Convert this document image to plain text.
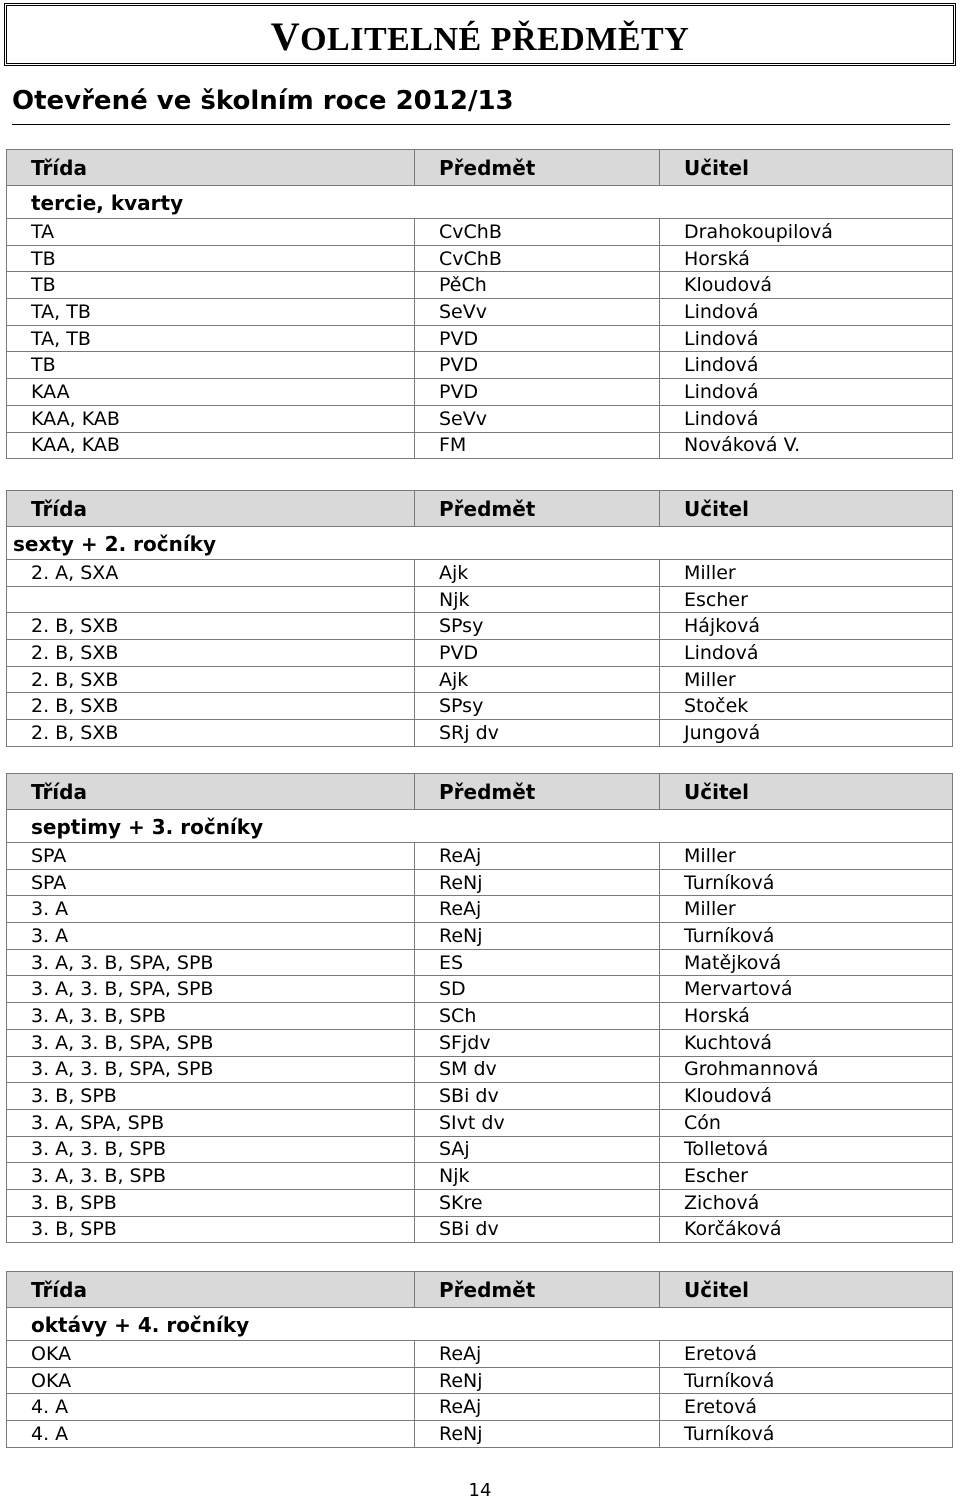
VOLITELNÉ PŘEDMĚTY
Otevřené ve školním roce 2012/13
Třída	Předmět	Učitel
tercie, kvarty		
TA	CvChB	Drahokoupilová
TB	CvChB	Horská
TB	PěCh	Kloudová
TA, TB	SeVv	Lindová
TA, TB	PVD	Lindová
TB	PVD	Lindová
KAA	PVD	Lindová
KAA, KAB	SeVv	Lindová
KAA, KAB	FM	Nováková V.
Třída	Předmět	Učitel
sexty + 2. ročníky		
2. A, SXA	Ajk	Miller
	Njk	Escher
2. B, SXB	SPsy	Hájková
2. B, SXB	PVD	Lindová
2. B, SXB	Ajk	Miller
2. B, SXB	SPsy	Stoček
2. B, SXB	SRj dv	Jungová
Třída	Předmět	Učitel
septimy + 3. ročníky		
SPA	ReAj	Miller
SPA	ReNj	Turníková
3. A	ReAj	Miller
3. A	ReNj	Turníková
3. A, 3. B, SPA, SPB	ES	Matějková
3. A, 3. B, SPA, SPB	SD	Mervartová
3. A, 3. B, SPB	SCh	Horská
3. A, 3. B, SPA, SPB	SFjdv	Kuchtová
3. A, 3. B, SPA, SPB	SM dv	Grohmannová
3. B, SPB	SBi dv	Kloudová
3. A, SPA, SPB	SIvt dv	Cón
3. A, 3. B, SPB	SAj	Tolletová
3. A, 3. B, SPB	Njk	Escher
3. B, SPB	SKre	Zichová
3. B, SPB	SBi dv	Korčáková
Třída	Předmět	Učitel
oktávy + 4. ročníky		
OKA	ReAj	Eretová
OKA	ReNj	Turníková
4. A	ReAj	Eretová
4. A	ReNj	Turníková
14
